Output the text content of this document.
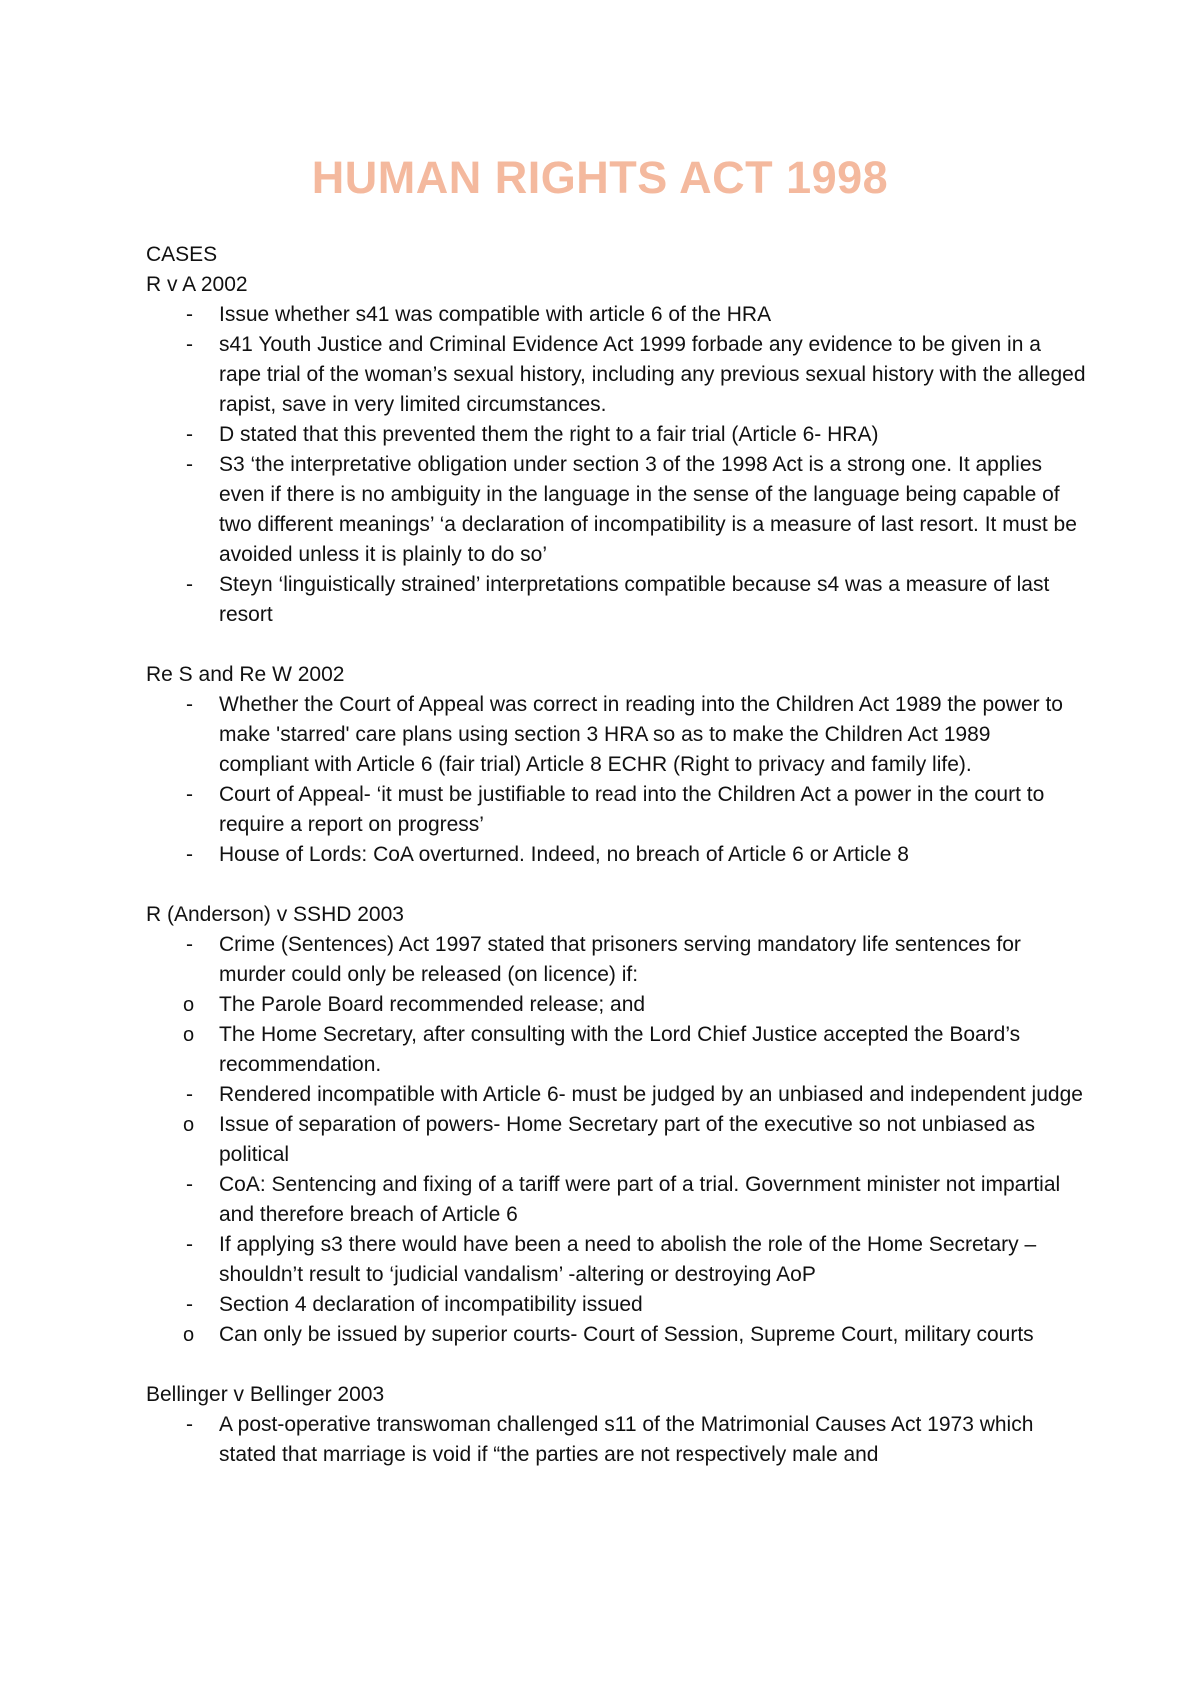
HUMAN RIGHTS ACT 1998

CASES

R v A 2002

- Issue whether s41 was compatible with article 6 of the HRA
- s41 Youth Justice and Criminal Evidence Act 1999 forbade any evidence to be given in a rape trial of the woman’s sexual history, including any previous sexual history with the alleged rapist, save in very limited circumstances.
- D stated that this prevented them the right to a fair trial (Article 6- HRA)
- S3 ‘the interpretative obligation under section 3 of the 1998 Act is a strong one. It applies even if there is no ambiguity in the language in the sense of the language being capable of two different meanings’ ‘a declaration of incompatibility is a measure of last resort. It must be avoided unless it is plainly to do so’
- Steyn ‘linguistically strained’ interpretations compatible because s4 was a measure of last resort

Re S and Re W 2002

- Whether the Court of Appeal was correct in reading into the Children Act 1989 the power to make 'starred' care plans using section 3 HRA so as to make the Children Act 1989 compliant with Article 6 (fair trial) Article 8 ECHR (Right to privacy and family life).
- Court of Appeal- ‘it must be justifiable to read into the Children Act a power in the court to require a report on progress’
- House of Lords: CoA overturned. Indeed, no breach of Article 6 or Article 8

R (Anderson) v SSHD 2003

- Crime (Sentences) Act 1997 stated that prisoners serving mandatory life sentences for murder could only be released (on licence) if:
o The Parole Board recommended release; and
o The Home Secretary, after consulting with the Lord Chief Justice accepted the Board’s recommendation.
- Rendered incompatible with Article 6- must be judged by an unbiased and independent judge
o Issue of separation of powers- Home Secretary part of the executive so not unbiased as political
- CoA: Sentencing and fixing of a tariff were part of a trial. Government minister not impartial and therefore breach of Article 6
- If applying s3 there would have been a need to abolish the role of the Home Secretary – shouldn’t result to ‘judicial vandalism’ -altering or destroying AoP
- Section 4 declaration of incompatibility issued
o Can only be issued by superior courts- Court of Session, Supreme Court, military courts

Bellinger v Bellinger 2003

- A post-operative transwoman challenged s11 of the Matrimonial Causes Act 1973 which stated that marriage is void if “the parties are not respectively male and
